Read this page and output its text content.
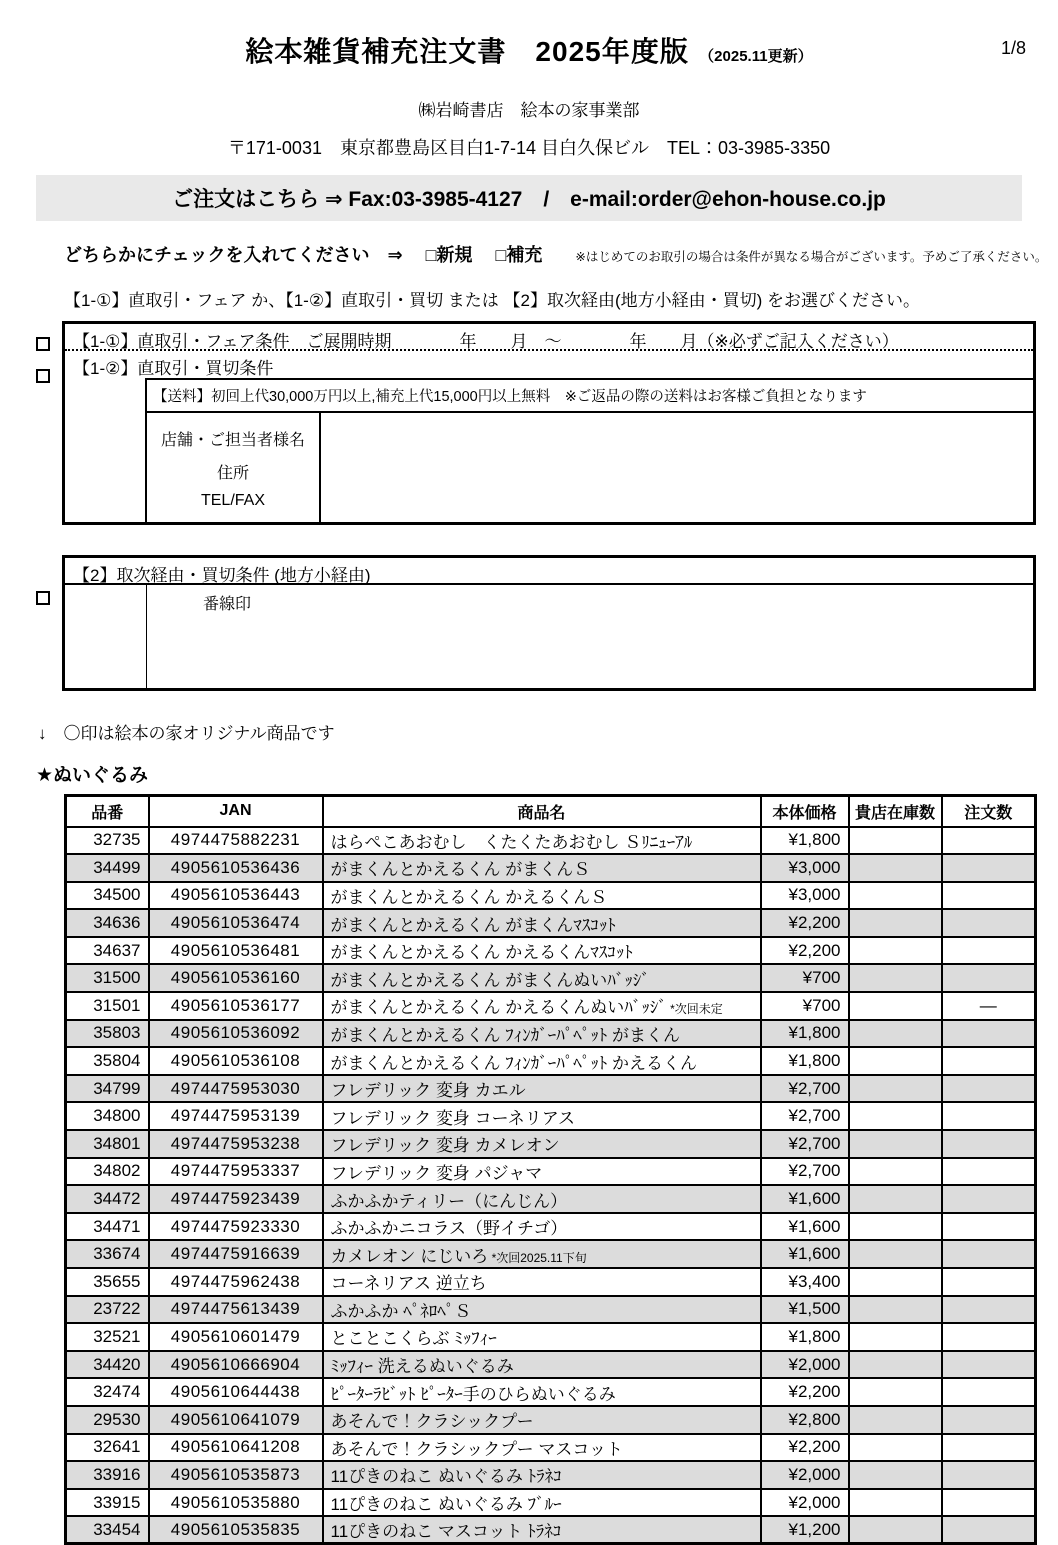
絵本雑貨補充注文書　2025年度版 （2025.11更新）	1/8
㈱岩崎書店　絵本の家事業部
〒171-0031　東京都豊島区目白1-7-14 目白久保ビル　TEL：03-3985-3350
ご注文はこちら ⇒ Fax:03-3985-4127　/　e-mail:order@ehon-house.co.jp
どちらかにチェックを入れてください　⇒ □新規 □補充	※はじめてのお取引の場合は条件が異なる場合がございます。予めご了承ください。
【1-①】直取引・フェア か、【1-②】直取引・買切 または 【2】取次経由(地方小経由・買切) をお選びください。
【1-①】直取引・フェア条件　ご展開時期　　　　年　　月　～　　　　年　　月（※必ずご記入ください）
【1-②】直取引・買切条件
【送料】初回上代30,000万円以上,補充上代15,000円以上無料　※ご返品の際の送料はお客様ご負担となります
店舗・ご担当者様名
住所
TEL/FAX
【2】取次経由・買切条件 (地方小経由)
番線印
↓　〇印は絵本の家オリジナル商品です
★ぬいぐるみ
品番	JAN	商品名	本体価格	貴店在庫数	注文数
32735	4974475882231	はらぺこあおむし　くたくたあおむし Ｓﾘﾆｭｰｱﾙ	¥1,800		
34499	4905610536436	がまくんとかえるくん がまくんＳ	¥3,000		
34500	4905610536443	がまくんとかえるくん かえるくんＳ	¥3,000		
34636	4905610536474	がまくんとかえるくん がまくんﾏｽｺｯﾄ	¥2,200		
34637	4905610536481	がまくんとかえるくん かえるくんﾏｽｺｯﾄ	¥2,200		
31500	4905610536160	がまくんとかえるくん がまくんぬいﾊﾞｯｼﾞ	¥700		
31501	4905610536177	がまくんとかえるくん かえるくんぬいﾊﾞｯｼﾞ *次回未定	¥700		―
35803	4905610536092	がまくんとかえるくん ﾌｨﾝｶﾞｰﾊﾟﾍﾟｯﾄ がまくん	¥1,800		
35804	4905610536108	がまくんとかえるくん ﾌｨﾝｶﾞｰﾊﾟﾍﾟｯﾄ かえるくん	¥1,800		
34799	4974475953030	フレデリック 変身 カエル	¥2,700		
34800	4974475953139	フレデリック 変身 コーネリアス	¥2,700		
34801	4974475953238	フレデリック 変身 カメレオン	¥2,700		
34802	4974475953337	フレデリック 変身 パジャマ	¥2,700		
34472	4974475923439	ふかふかティリー（にんじん）	¥1,600		
34471	4974475923330	ふかふかニコラス（野イチゴ）	¥1,600		
33674	4974475916639	カメレオン にじいろ *次回2025.11下旬	¥1,600		
35655	4974475962438	コーネリアス 逆立ち	¥3,400		
23722	4974475613439	ふかふか ﾍﾟﾈﾛﾍﾟＳ	¥1,500		
32521	4905610601479	とことこくらぶ ﾐｯﾌｨｰ	¥1,800		
34420	4905610666904	ﾐｯﾌｨｰ 洗えるぬいぐるみ	¥2,000		
32474	4905610644438	ﾋﾟｰﾀｰﾗﾋﾞｯﾄ ﾋﾟｰﾀｰ手のひらぬいぐるみ	¥2,200		
29530	4905610641079	あそんで！クラシックプー	¥2,800		
32641	4905610641208	あそんで！クラシックプー マスコット	¥2,200		
33916	4905610535873	11ぴきのねこ ぬいぐるみ ﾄﾗﾈｺ	¥2,000		
33915	4905610535880	11ぴきのねこ ぬいぐるみ ﾌﾞﾙｰ	¥2,000		
33454	4905610535835	11ぴきのねこ マスコット ﾄﾗﾈｺ	¥1,200		
